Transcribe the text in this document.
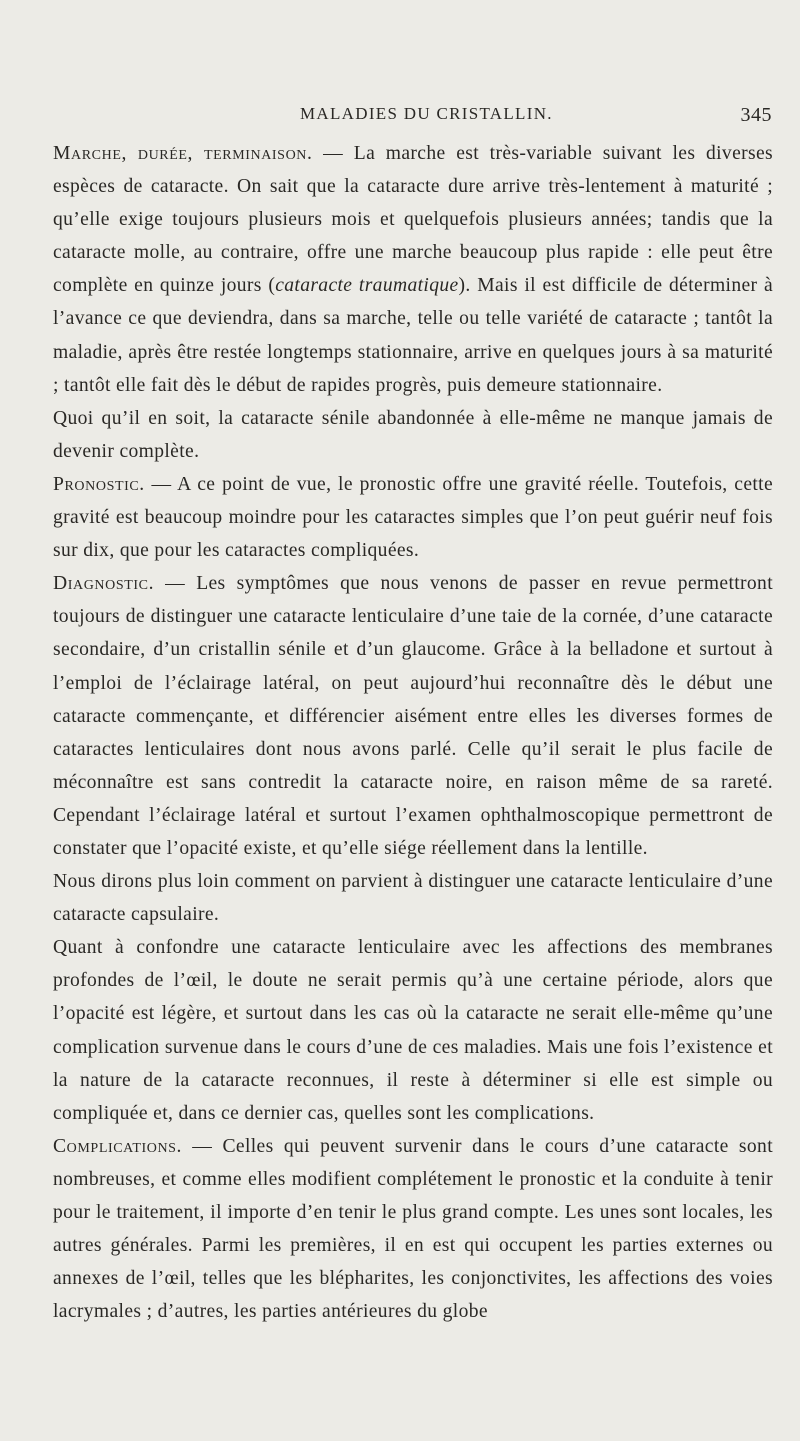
MALADIES DU CRISTALLIN.	345

Marche, durée, terminaison. — La marche est très-variable suivant les diverses espèces de cataracte. On sait que la cataracte dure arrive très-lentement à maturité ; qu’elle exige toujours plusieurs mois et quelquefois plusieurs années; tandis que la cataracte molle, au contraire, offre une marche beaucoup plus rapide : elle peut être complète en quinze jours (cataracte traumatique). Mais il est difficile de déterminer à l’avance ce que deviendra, dans sa marche, telle ou telle variété de cataracte ; tantôt la maladie, après être restée longtemps stationnaire, arrive en quelques jours à sa maturité ; tantôt elle fait dès le début de rapides progrès, puis demeure stationnaire.

Quoi qu’il en soit, la cataracte sénile abandonnée à elle-même ne manque jamais de devenir complète.

Pronostic. — A ce point de vue, le pronostic offre une gravité réelle. Toutefois, cette gravité est beaucoup moindre pour les cataractes simples que l’on peut guérir neuf fois sur dix, que pour les cataractes compliquées.

Diagnostic. — Les symptômes que nous venons de passer en revue permettront toujours de distinguer une cataracte lenticulaire d’une taie de la cornée, d’une cataracte secondaire, d’un cristallin sénile et d’un glaucome. Grâce à la belladone et surtout à l’emploi de l’éclairage latéral, on peut aujourd’hui reconnaître dès le début une cataracte commençante, et différencier aisément entre elles les diverses formes de cataractes lenticulaires dont nous avons parlé. Celle qu’il serait le plus facile de méconnaître est sans contredit la cataracte noire, en raison même de sa rareté. Cependant l’éclairage latéral et surtout l’examen ophthalmoscopique permettront de constater que l’opacité existe, et qu’elle siége réellement dans la lentille.

Nous dirons plus loin comment on parvient à distinguer une cataracte lenticulaire d’une cataracte capsulaire.

Quant à confondre une cataracte lenticulaire avec les affections des membranes profondes de l’œil, le doute ne serait permis qu’à une certaine période, alors que l’opacité est légère, et surtout dans les cas où la cataracte ne serait elle-même qu’une complication survenue dans le cours d’une de ces maladies. Mais une fois l’existence et la nature de la cataracte reconnues, il reste à déterminer si elle est simple ou compliquée et, dans ce dernier cas, quelles sont les complications.

Complications. — Celles qui peuvent survenir dans le cours d’une cataracte sont nombreuses, et comme elles modifient complétement le pronostic et la conduite à tenir pour le traitement, il importe d’en tenir le plus grand compte. Les unes sont locales, les autres générales. Parmi les premières, il en est qui occupent les parties externes ou annexes de l’œil, telles que les blépharites, les conjonctivites, les affections des voies lacrymales ; d’autres, les parties antérieures du globe
